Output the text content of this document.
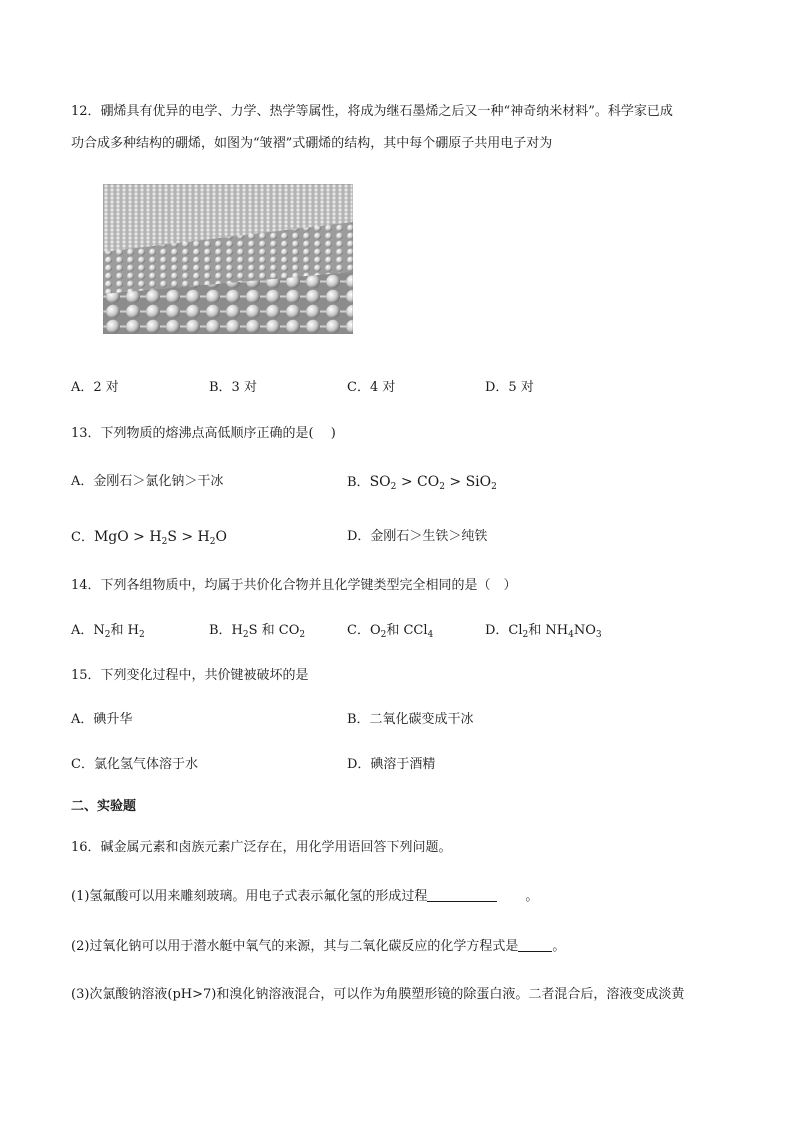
12．硼烯具有优异的电学、力学、热学等属性，将成为继石墨烯之后又一种“神奇纳米材料”。科学家已成
功合成多种结构的硼烯，如图为“皱褶”式硼烯的结构，其中每个硼原子共用电子对为
A．2 对	B．3 对	C．4 对	D．5 对
13．下列物质的熔沸点高低顺序正确的是(　 )
A．金刚石＞氯化钠＞干冰	B．$SO_2 > CO_2 > SiO_2$
C．MgO > $H_2S > H_2O$	D．金刚石＞生铁＞纯铁
14．下列各组物质中，均属于共价化合物并且化学键类型完全相同的是（　）
A．$N_2$和 $H_2$	B．$H_2S$ 和 $CO_2$	C．$O_2$和 CCl$_4$	D．$Cl_2$和 $NH_4NO_3$
15．下列变化过程中，共价键被破坏的是
A．碘升华	B．二氧化碳变成干冰
C．氯化氢气体溶于水	D．碘溶于酒精
二、实验题
16．碱金属元素和卤族元素广泛存在，用化学用语回答下列问题。
(1)氢氟酸可以用来雕刻玻璃。用电子式表示氟化氢的形成过程	。
(2)过氧化钠可以用于潜水艇中氧气的来源，其与二氧化碳反应的化学方程式是	。
(3)次氯酸钠溶液(pH>7)和溴化钠溶液混合，可以作为角膜塑形镜的除蛋白液。二者混合后，溶液变成淡黄
